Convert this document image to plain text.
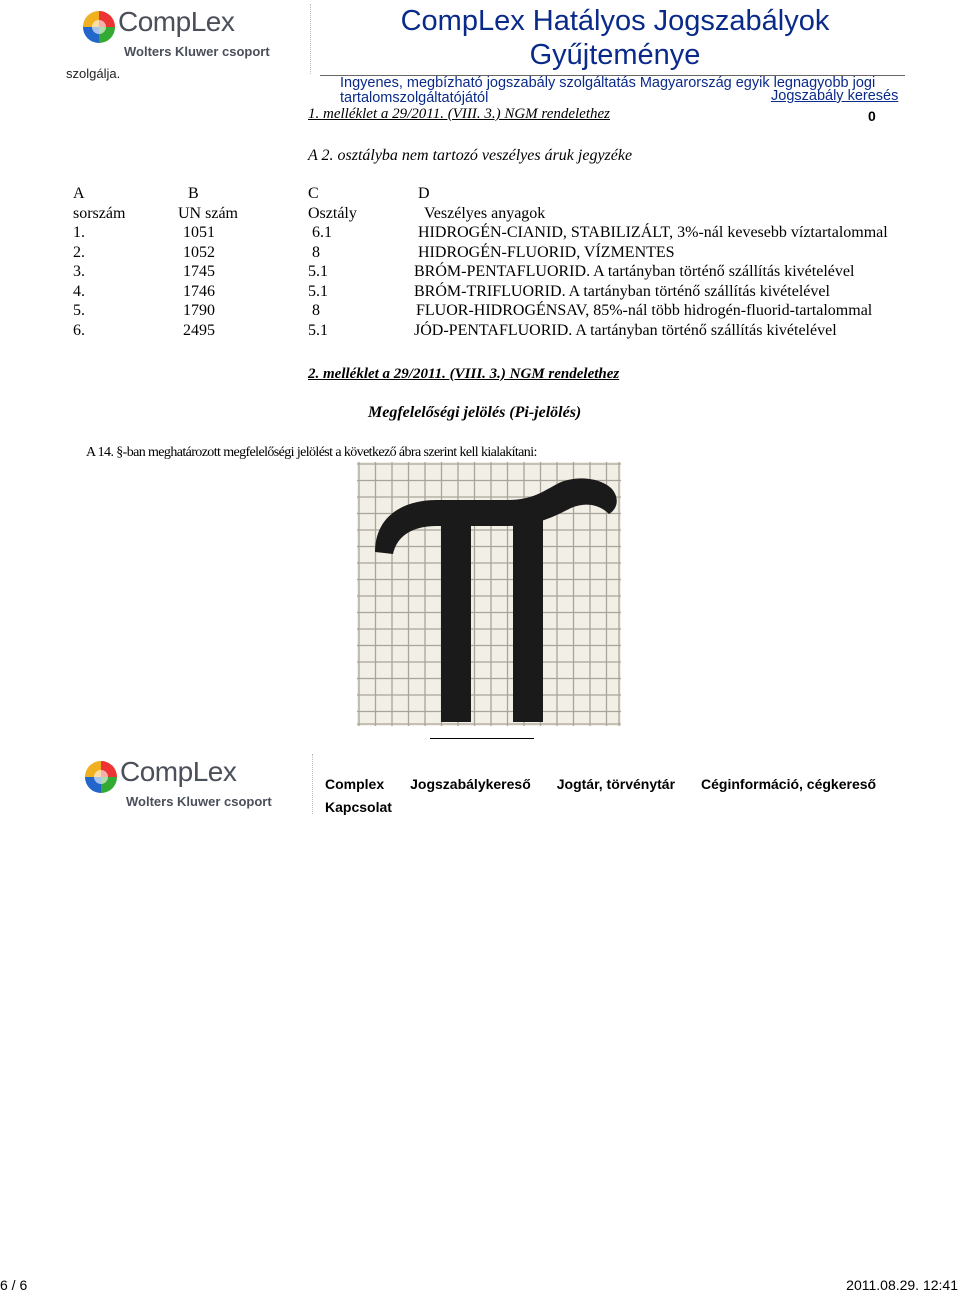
szolgálja.
CompLex
Wolters Kluwer csoport
CompLex Hatályos Jogszabályok Gyűjteménye
Ingyenes, megbízható jogszabály szolgáltatás Magyarország egyik legnagyobb jogi tartalomszolgáltatójától	Jogszabály keresés
1. melléklet a 29/2011. (VIII. 3.) NGM rendelethez	0
A 2. osztályba nem tartozó veszélyes áruk jegyzéke
A	B	C	D
sorszám	UN szám	Osztály	Veszélyes anyagok
1.	1051	6.1	HIDROGÉN-CIANID, STABILIZÁLT, 3%-nál kevesebb víztartalommal
2.	1052	8	HIDROGÉN-FLUORID, VÍZMENTES
3.	1745	5.1	BRÓM-PENTAFLUORID. A tartányban történő szállítás kivételével
4.	1746	5.1	BRÓM-TRIFLUORID. A tartányban történő szállítás kivételével
5.	1790	8	FLUOR-HIDROGÉNSAV, 85%-nál több hidrogén-fluorid-tartalommal
6.	2495	5.1	JÓD-PENTAFLUORID. A tartányban történő szállítás kivételével
2. melléklet a 29/2011. (VIII. 3.) NGM rendelethez
Megfelelőségi jelölés (Pi-jelölés)
A 14. §-ban meghatározott megfelelőségi jelölést a következő ábra szerint kell kialakítani:
CompLex
Wolters Kluwer csoport
Complex Jogszabálykereső Jogtár, törvénytár Céginformáció, cégkereső
Kapcsolat
6 / 6	2011.08.29. 12:41
